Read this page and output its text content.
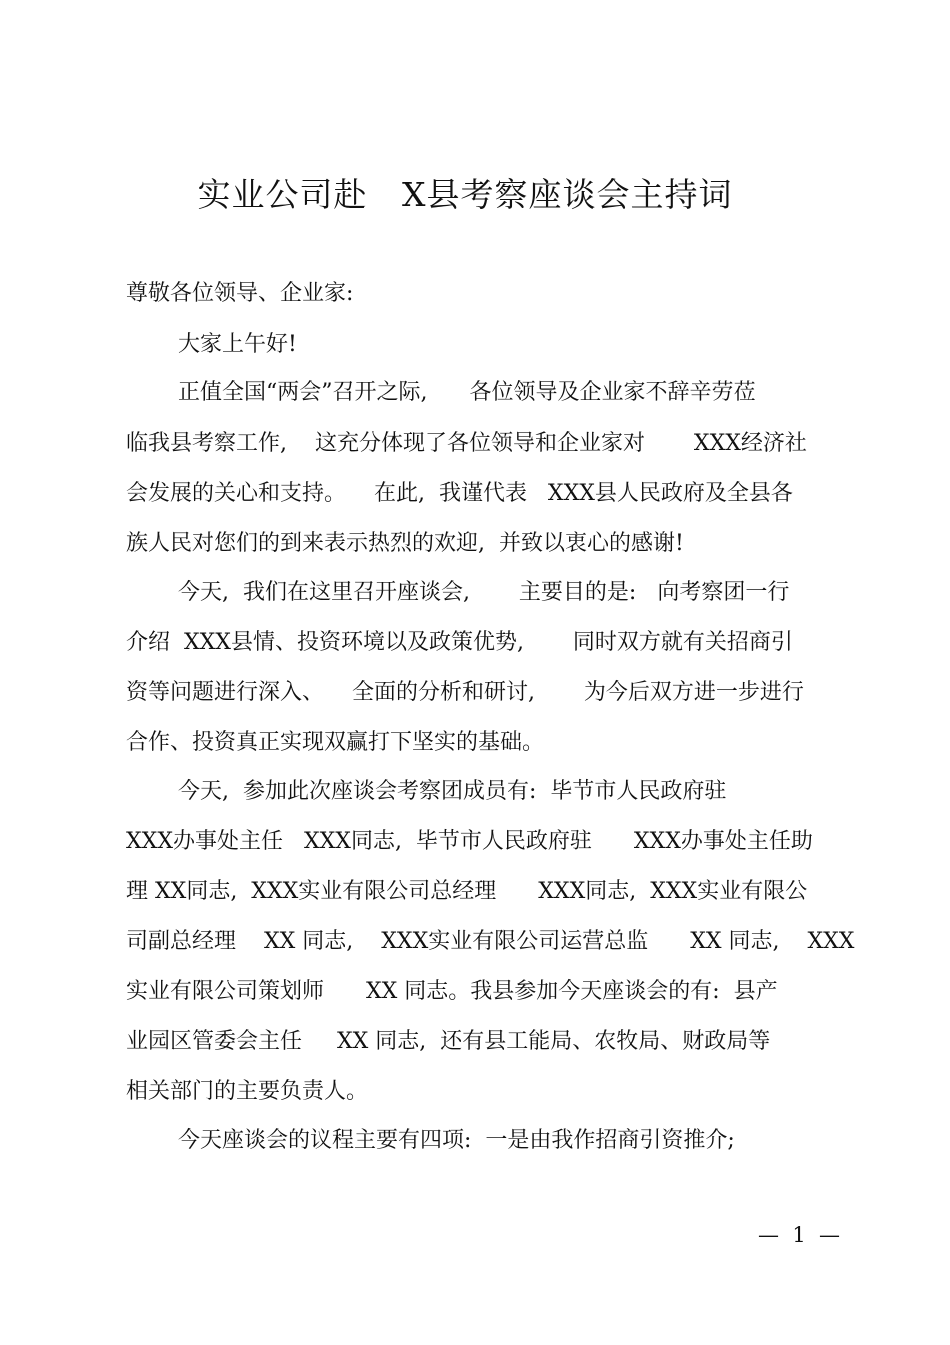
实业公司赴   X县考察座谈会主持词
尊敬各位领导、企业家:
大家上午好!
正值全国“两会”召开之际,      各位领导及企业家不辞辛劳莅
临我县考察工作,    这充分体现了各位领导和企业家对       XXX经济社
会发展的关心和支持。    在此,  我谨代表   XXX县人民政府及全县各
族人民对您们的到来表示热烈的欢迎,  并致以衷心的感谢!
今天,  我们在这里召开座谈会,       主要目的是:   向考察团一行
介绍  XXX县情、投资环境以及政策优势,       同时双方就有关招商引
资等问题进行深入、    全面的分析和研讨,       为今后双方进一步进行
合作、投资真正实现双赢打下坚实的基础。
今天,  参加此次座谈会考察团成员有:  毕节市人民政府驻
XXX办事处主任   XXX同志,  毕节市人民政府驻      XXX办事处主任助
理 XX同志,  XXX实业有限公司总经理      XXX同志,  XXX实业有限公
司副总经理    XX 同志,    XXX实业有限公司运营总监      XX 同志,    XXX
实业有限公司策划师      XX 同志。我县参加今天座谈会的有:  县产
业园区管委会主任     XX 同志,  还有县工能局、农牧局、财政局等
相关部门的主要负责人。
今天座谈会的议程主要有四项:  一是由我作招商引资推介;
—  1  —
